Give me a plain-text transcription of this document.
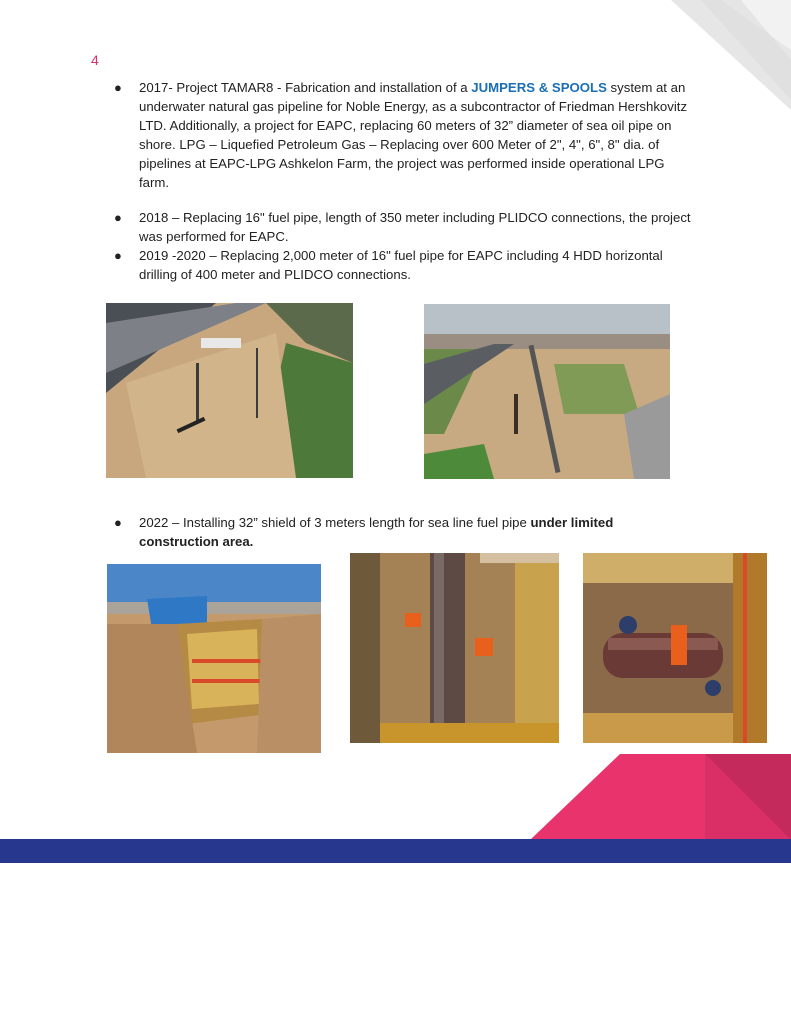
4
● 2017- Project TAMAR8 - Fabrication and installation of a JUMPERS & SPOOLS system at an underwater natural gas pipeline for Noble Energy, as a subcontractor of Friedman Hershkovitz LTD. Additionally, a project for EAPC, replacing 60 meters of 32” diameter of sea oil pipe on shore. LPG – Liquefied Petroleum Gas – Replacing over 600 Meter of 2", 4", 6", 8" dia. of pipelines at EAPC-LPG Ashkelon Farm, the project was performed inside operational LPG farm.
● 2018 – Replacing 16" fuel pipe, length of 350 meter including PLIDCO connections, the project was performed for EAPC.
● 2019 -2020 – Replacing 2,000 meter of 16" fuel pipe for EAPC including 4 HDD horizontal drilling of 400 meter and PLIDCO connections.
● 2022 – Installing 32” shield of 3 meters length for sea line fuel pipe under limited construction area.
